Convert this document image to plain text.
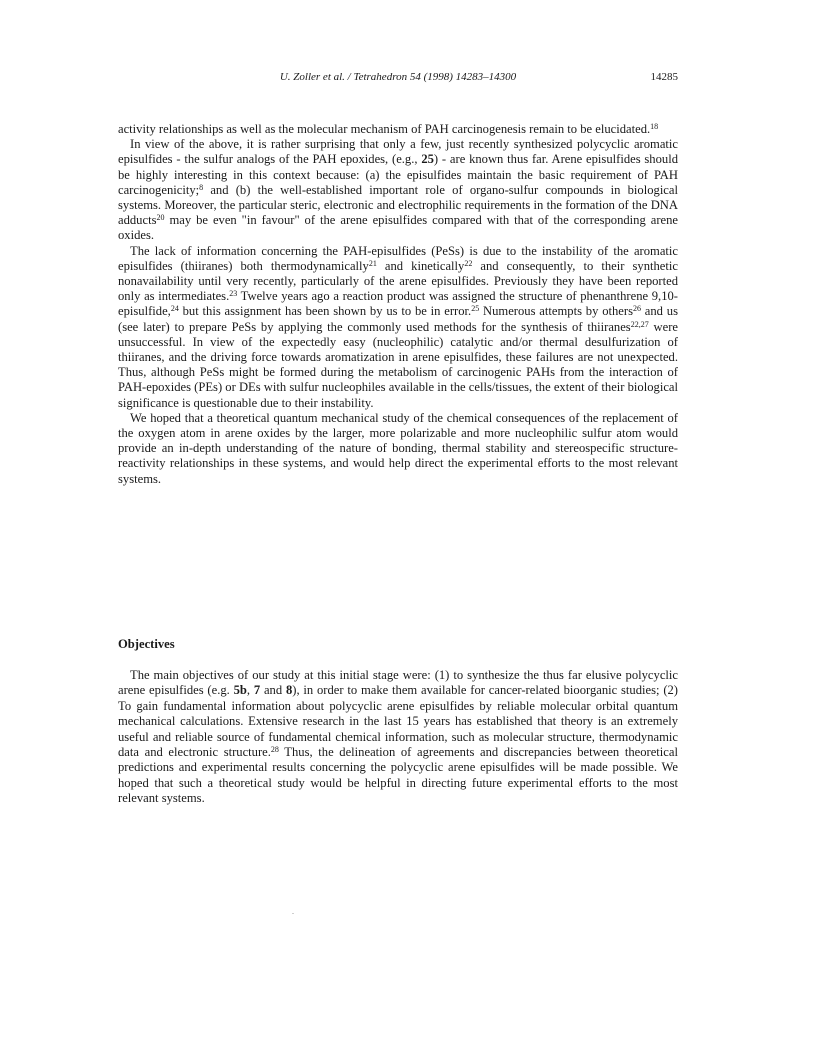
U. Zoller et al. / Tetrahedron 54 (1998) 14283–14300	14285

activity relationships as well as the molecular mechanism of PAH carcinogenesis remain to be elucidated.$^{18}$

In view of the above, it is rather surprising that only a few, just recently synthesized polycyclic aromatic episulfides - the sulfur analogs of the PAH epoxides, (e.g., 25) - are known thus far. Arene episulfides should be highly interesting in this context because: (a) the episulfides maintain the basic requirement of PAH carcinogenicity;$^8$ and (b) the well-established important role of organo-sulfur compounds in biological systems. Moreover, the particular steric, electronic and electrophilic requirements in the formation of the DNA adducts$^{20}$ may be even "in favour" of the arene episulfides compared with that of the corresponding arene oxides.

The lack of information concerning the PAH-episulfides (PeSs) is due to the instability of the aromatic episulfides (thiiranes) both thermodynamically$^{21}$ and kinetically$^{22}$ and consequently, to their synthetic nonavailability until very recently, particularly of the arene episulfides. Previously they have been reported only as intermediates.$^{23}$ Twelve years ago a reaction product was assigned the structure of phenanthrene 9,10-episulfide,$^{24}$ but this assignment has been shown by us to be in error.$^{25}$ Numerous attempts by others$^{26}$ and us (see later) to prepare PeSs by applying the commonly used methods for the synthesis of thiiranes$^{22,27}$ were unsuccessful. In view of the expectedly easy (nucleophilic) catalytic and/or thermal desulfurization of thiiranes, and the driving force towards aromatization in arene episulfides, these failures are not unexpected. Thus, although PeSs might be formed during the metabolism of carcinogenic PAHs from the interaction of PAH-epoxides (PEs) or DEs with sulfur nucleophiles available in the cells/tissues, the extent of their biological significance is questionable due to their instability.

We hoped that a theoretical quantum mechanical study of the chemical consequences of the replacement of the oxygen atom in arene oxides by the larger, more polarizable and more nucleophilic sulfur atom would provide an in-depth understanding of the nature of bonding, thermal stability and stereospecific structure-reactivity relationships in these systems, and would help direct the experimental efforts to the most relevant systems.

Objectives

The main objectives of our study at this initial stage were: (1) to synthesize the thus far elusive polycyclic arene episulfides (e.g. 5b, 7 and 8), in order to make them available for cancer-related bioorganic studies; (2) To gain fundamental information about polycyclic arene episulfides by reliable molecular orbital quantum mechanical calculations. Extensive research in the last 15 years has established that theory is an extremely useful and reliable source of fundamental chemical information, such as molecular structure, thermodynamic data and electronic structure.$^{28}$ Thus, the delineation of agreements and discrepancies between theoretical predictions and experimental results concerning the polycyclic arene episulfides will be made possible. We hoped that such a theoretical study would be helpful in directing future experimental efforts to the most relevant systems.
